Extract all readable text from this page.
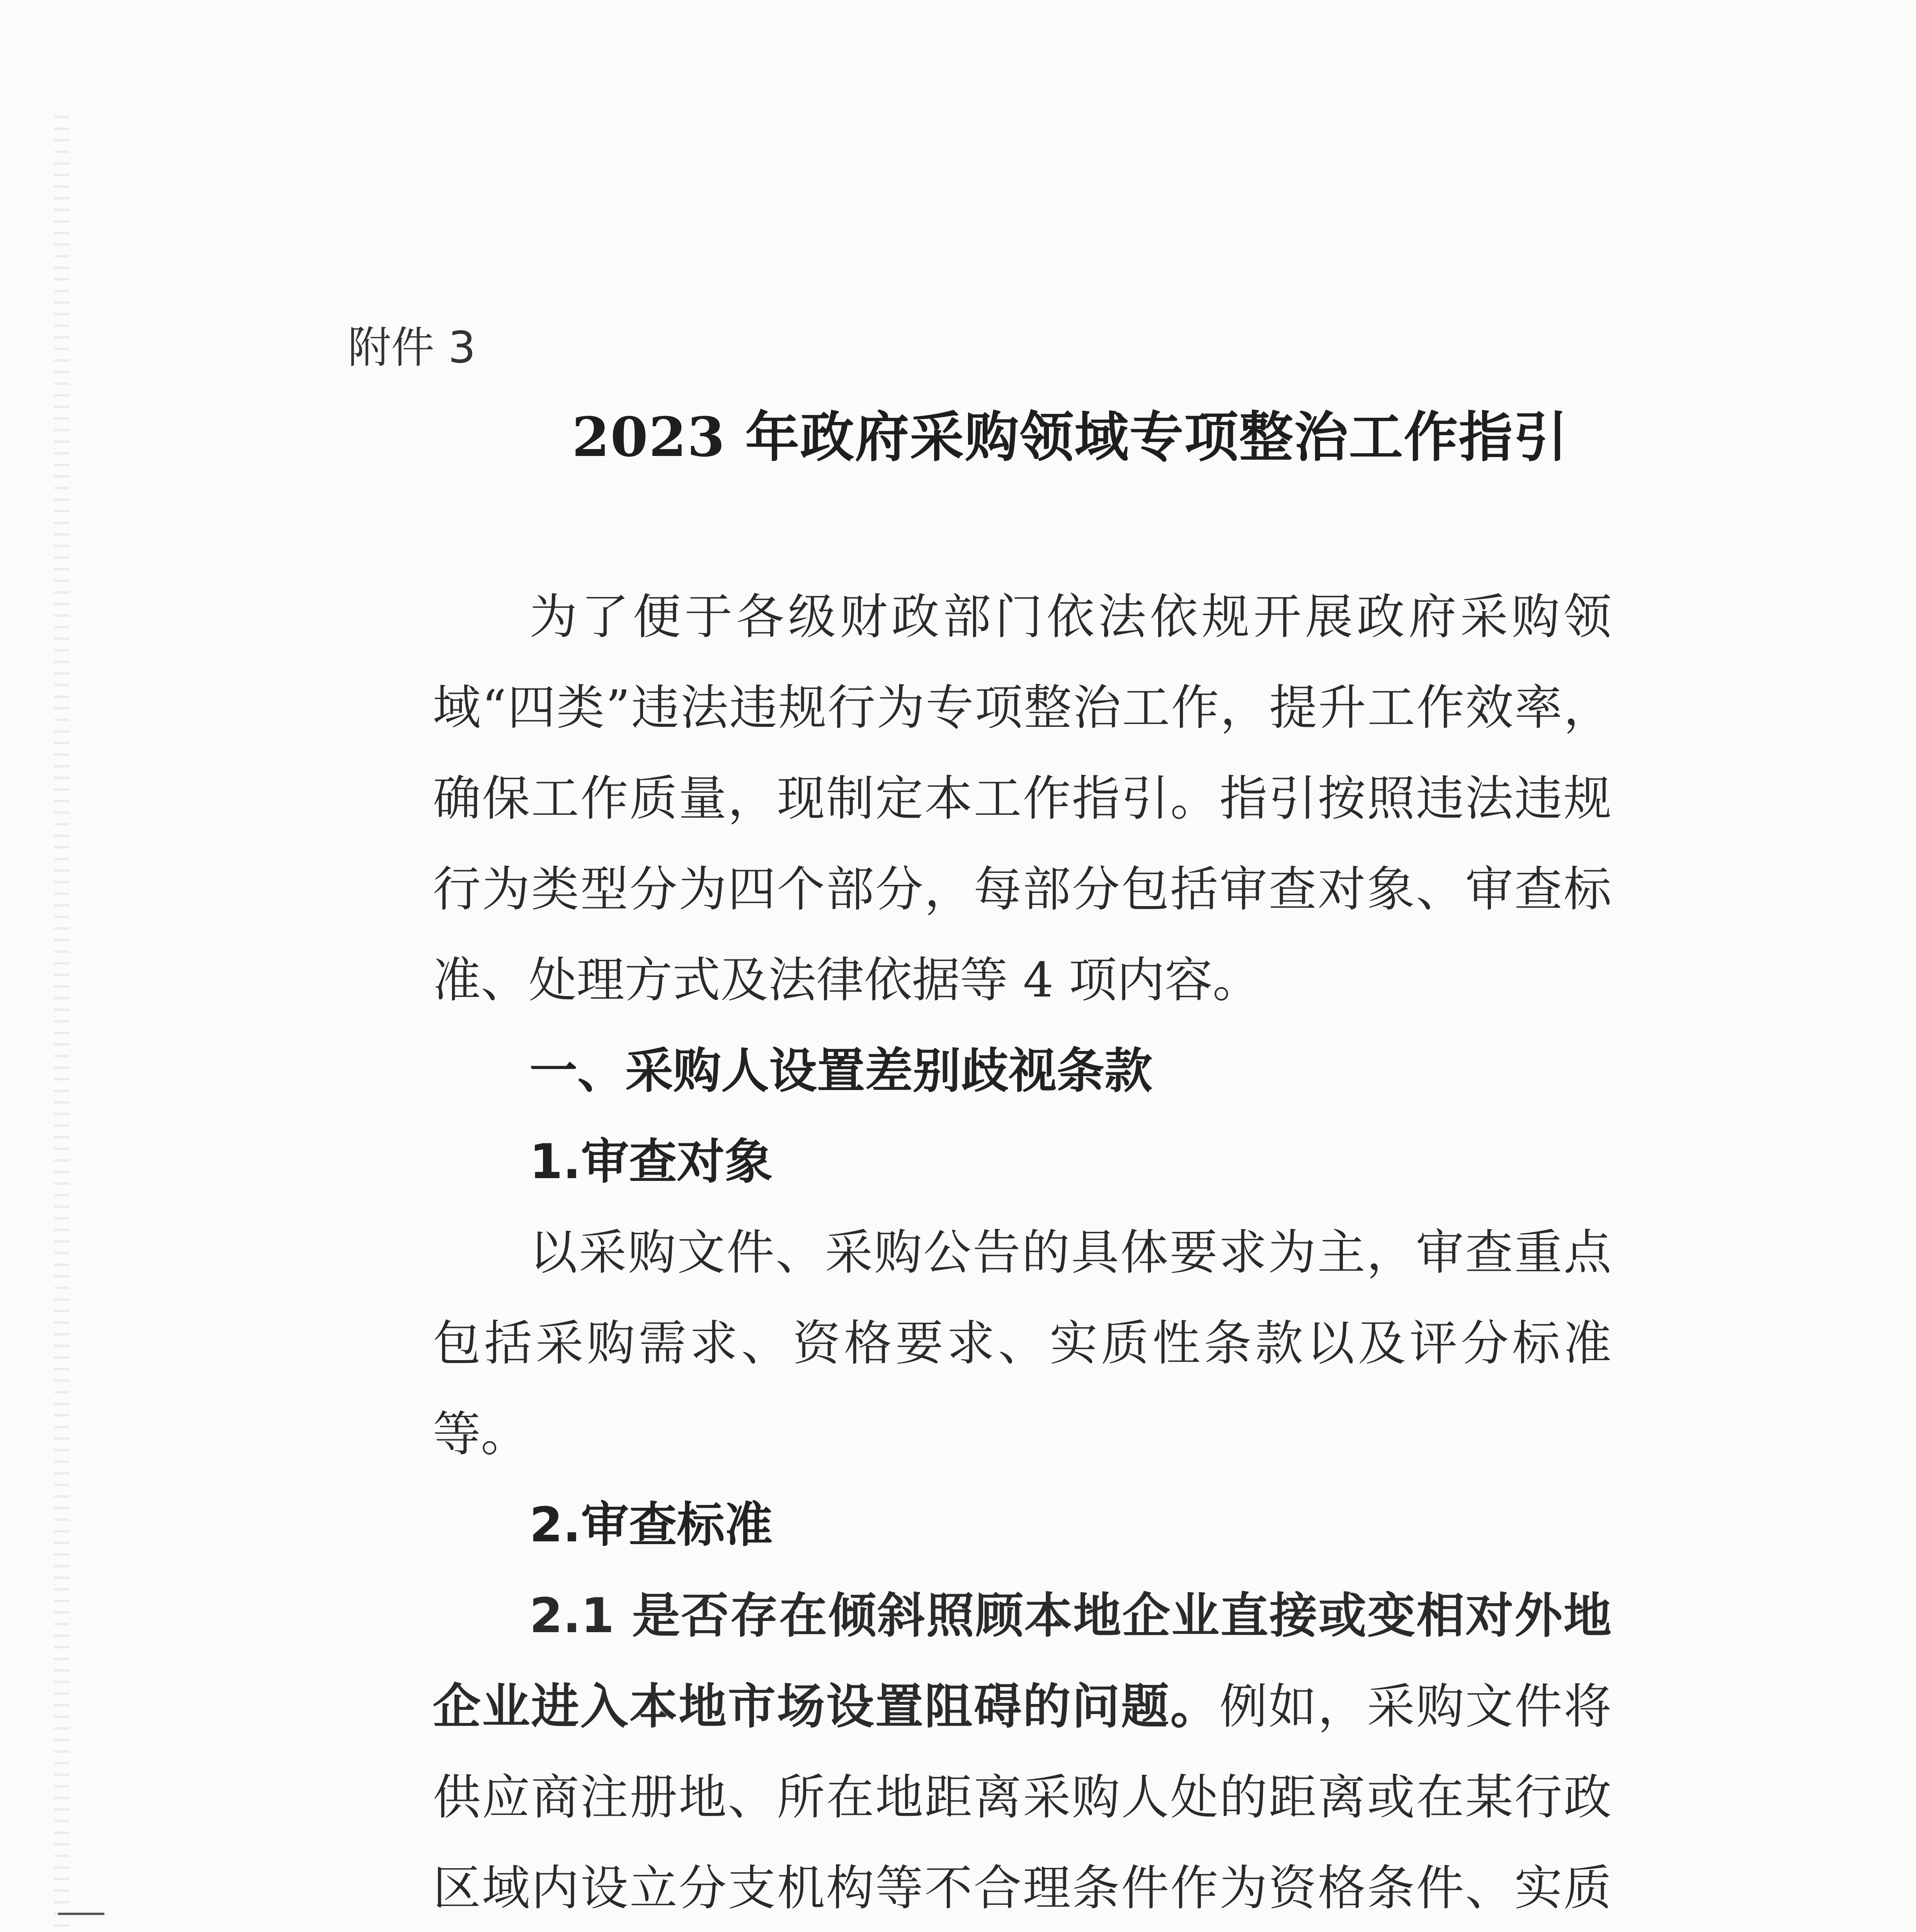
附件 3
2023 年政府采购领域专项整治工作指引

为了便于各级财政部门依法依规开展政府采购领域“四类”违法违规行为专项整治工作，提升工作效率，确保工作质量，现制定本工作指引。指引按照违法违规行为类型分为四个部分，每部分包括审查对象、审查标准、处理方式及法律依据等 4 项内容。

一、采购人设置差别歧视条款

1.审查对象

以采购文件、采购公告的具体要求为主，审查重点包括采购需求、资格要求、实质性条款以及评分标准等。

2.审查标准

2.1 是否存在倾斜照顾本地企业直接或变相对外地企业进入本地市场设置阻碍的问题。例如，采购文件将供应商注册地、所在地距离采购人处的距离或在某行政区域内设立分支机构等不合理条件作为资格条件、实质
